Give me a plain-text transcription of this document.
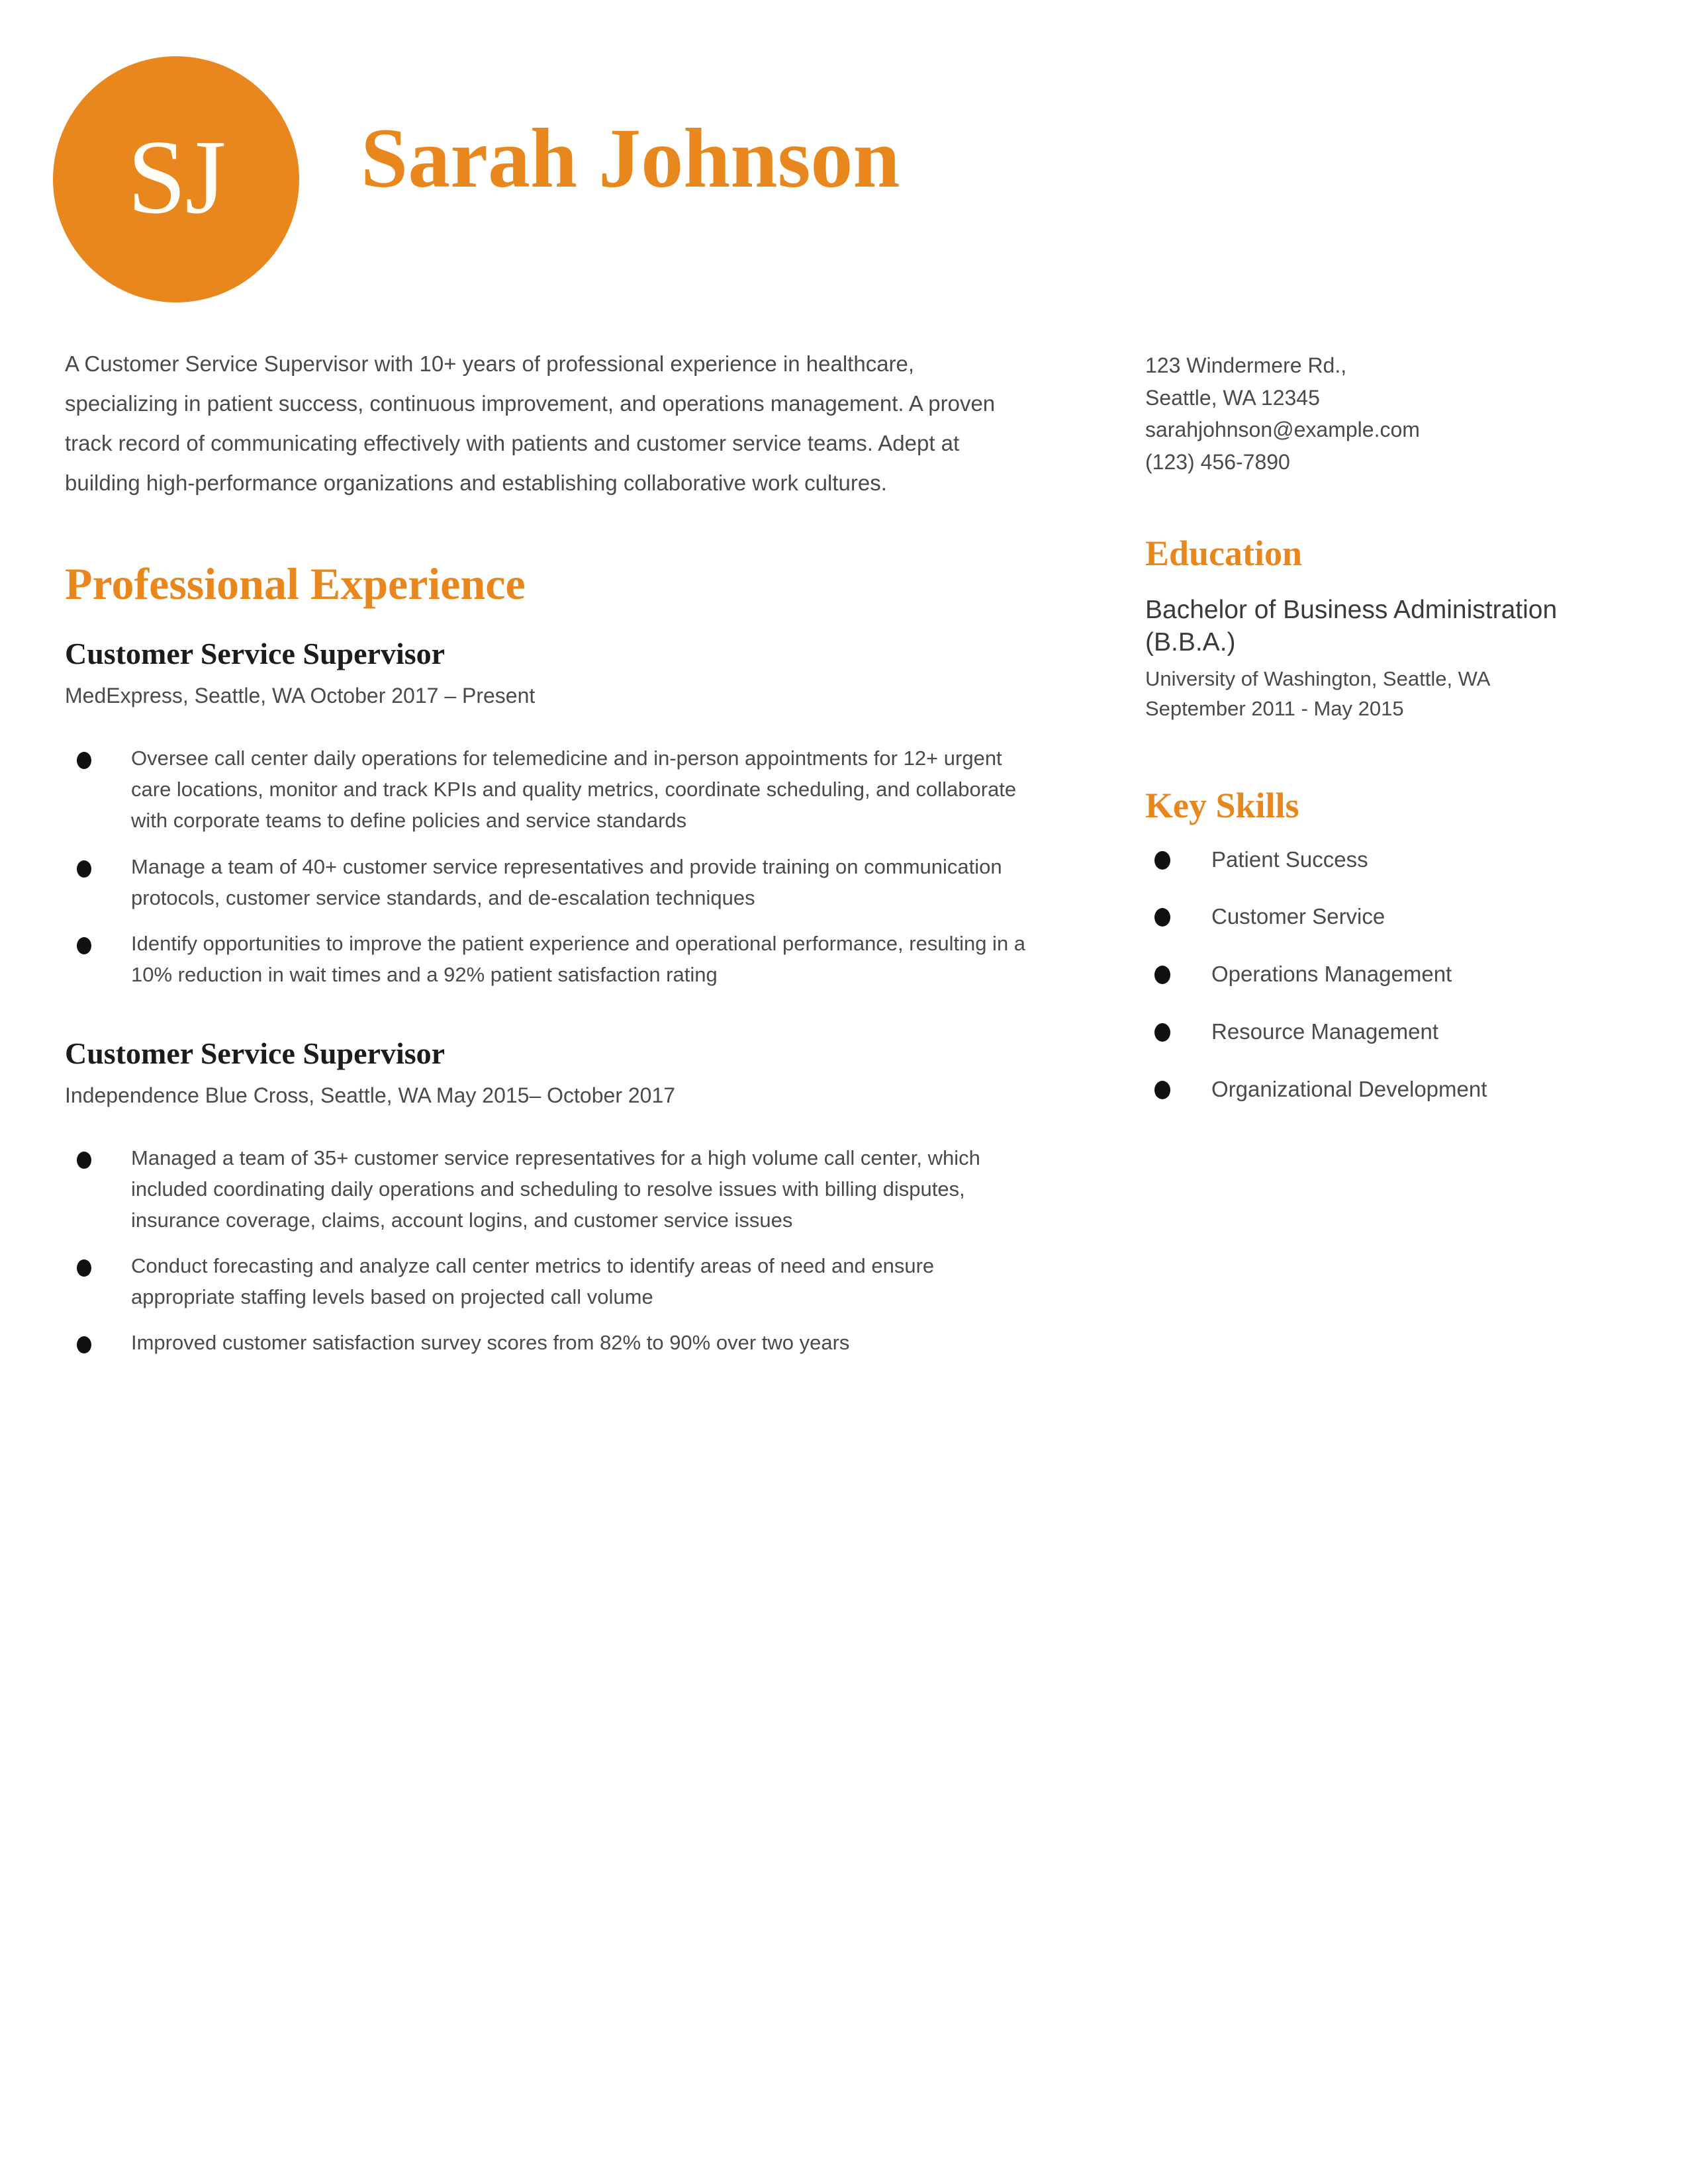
SJ Sarah Johnson

A Customer Service Supervisor with 10+ years of professional experience in healthcare, specializing in patient success, continuous improvement, and operations management. A proven track record of communicating effectively with patients and customer service teams. Adept at building high-performance organizations and establishing collaborative work cultures.

Professional Experience
Customer Service Supervisor
MedExpress, Seattle, WA October 2017 – Present
Oversee call center daily operations for telemedicine and in-person appointments for 12+ urgent care locations, monitor and track KPIs and quality metrics, coordinate scheduling, and collaborate with corporate teams to define policies and service standards
Manage a team of 40+ customer service representatives and provide training on communication protocols, customer service standards, and de-escalation techniques
Identify opportunities to improve the patient experience and operational performance, resulting in a 10% reduction in wait times and a 92% patient satisfaction rating
Customer Service Supervisor
Independence Blue Cross, Seattle, WA May 2015– October 2017
Managed a team of 35+ customer service representatives for a high volume call center, which included coordinating daily operations and scheduling to resolve issues with billing disputes, insurance coverage, claims, account logins, and customer service issues
Conduct forecasting and analyze call center metrics to identify areas of need and ensure appropriate staffing levels based on projected call volume
Improved customer satisfaction survey scores from 82% to 90% over two years
123 Windermere Rd.,
Seattle, WA 12345
sarahjohnson@example.com
(123) 456-7890
Education
Bachelor of Business Administration (B.B.A.)
University of Washington, Seattle, WA
September 2011 - May 2015
Key Skills
Patient Success
Customer Service
Operations Management
Resource Management
Organizational Development
